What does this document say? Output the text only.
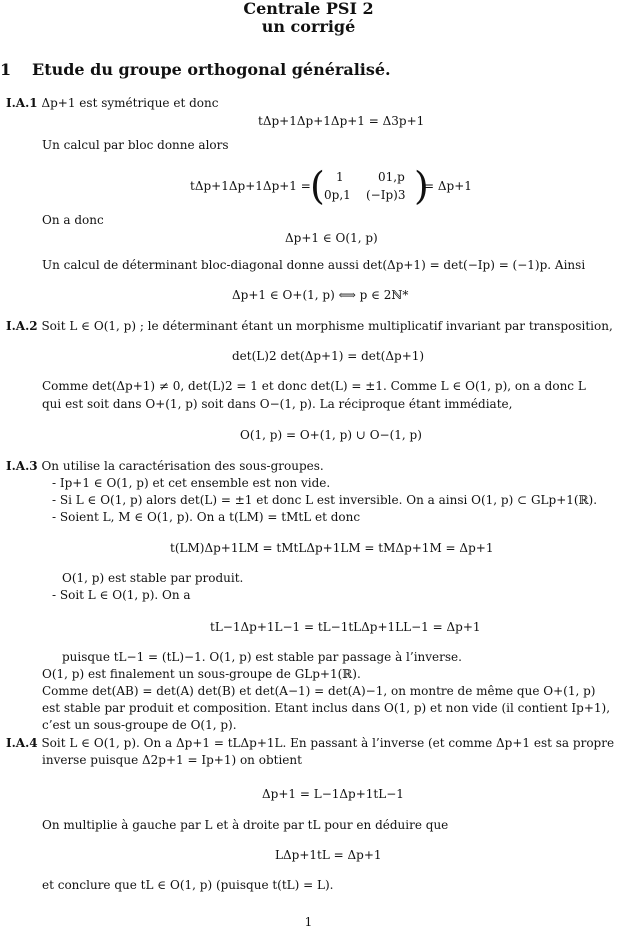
Centrale PSI 2
un corrigé
1 Etude du groupe orthogonal généralisé.
I.A.1 Δp+1 est symétrique et donc
tΔp+1Δp+1Δp+1 = Δ3p+1
Un calcul par bloc donne alors
tΔp+1Δp+1Δp+1 = ( 1	01,p
0p,1 (−Ip)3 )
= Δp+1
On a donc
Δp+1 ∈ O(1, p)
Un calcul de déterminant bloc-diagonal donne aussi det(Δp+1) = det(−Ip) = (−1)p. Ainsi
Δp+1 ∈ O+(1, p) ⟺ p ∈ 2ℕ*
I.A.2 Soit L ∈ O(1, p) ; le déterminant étant un morphisme multiplicatif invariant par transposition,
det(L)2 det(Δp+1) = det(Δp+1)
Comme det(Δp+1) ≠ 0, det(L)2 = 1 et donc det(L) = ±1. Comme L ∈ O(1, p), on a donc L
qui est soit dans O+(1, p) soit dans O−(1, p). La réciproque étant immédiate,
O(1, p) = O+(1, p) ∪ O−(1, p)
I.A.3 On utilise la caractérisation des sous-groupes.
- Ip+1 ∈ O(1, p) et cet ensemble est non vide.
- Si L ∈ O(1, p) alors det(L) = ±1 et donc L est inversible. On a ainsi O(1, p) ⊂ GLp+1(ℝ).
- Soient L, M ∈ O(1, p). On a t(LM) = tMtL et donc
t(LM)Δp+1LM = tMtLΔp+1LM = tMΔp+1M = Δp+1
O(1, p) est stable par produit.
- Soit L ∈ O(1, p). On a
tL−1Δp+1L−1 = tL−1tLΔp+1LL−1 = Δp+1
puisque tL−1 = (tL)−1. O(1, p) est stable par passage à l’inverse.
O(1, p) est finalement un sous-groupe de GLp+1(ℝ).
Comme det(AB) = det(A) det(B) et det(A−1) = det(A)−1, on montre de même que O+(1, p)
est stable par produit et composition. Etant inclus dans O(1, p) et non vide (il contient Ip+1),
c’est un sous-groupe de O(1, p).
I.A.4 Soit L ∈ O(1, p). On a Δp+1 = tLΔp+1L. En passant à l’inverse (et comme Δp+1 est sa propre
inverse puisque Δ2p+1 = Ip+1) on obtient
Δp+1 = L−1Δp+1tL−1
On multiplie à gauche par L et à droite par tL pour en déduire que
LΔp+1tL = Δp+1
et conclure que tL ∈ O(1, p) (puisque t(tL) = L).
1
